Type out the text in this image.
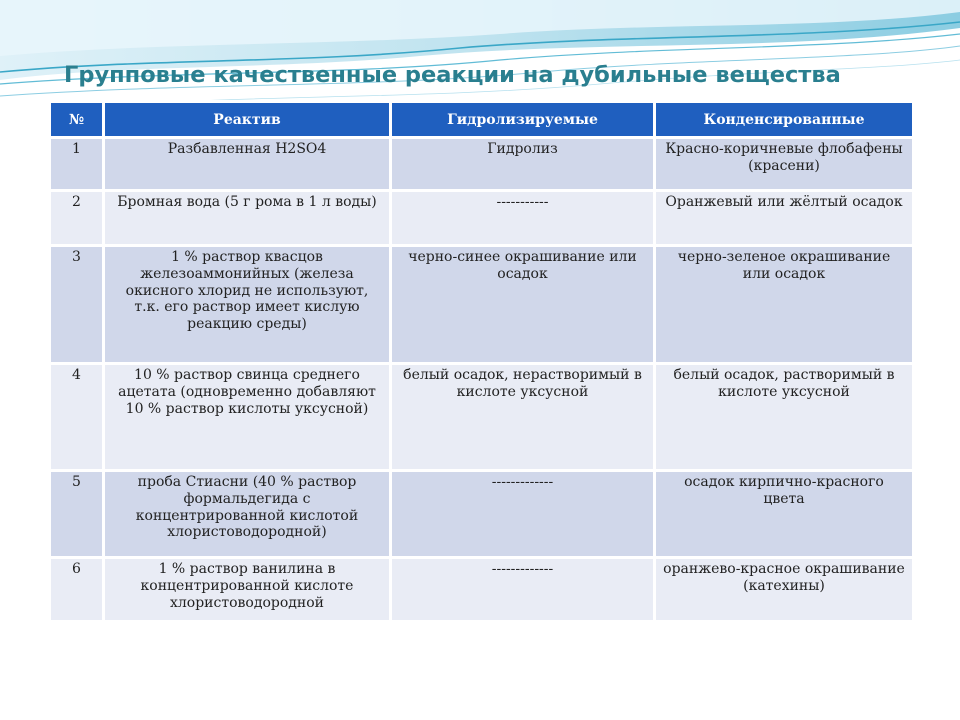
Групповые качественные реакции на дубильные вещества
№	Реактив	Гидролизируемые	Конденсированные
1	Разбавленная H2SO4	Гидролиз	Красно-коричневые флобафены (красени)
2	Бромная вода (5 г рома в 1 л воды)	-----------	Оранжевый или жёлтый осадок
3	1 % раствор квасцов железоаммонийных (железа окисного хлорид не используют, т.к. его раствор имеет кислую реакцию среды)	черно-синее окрашивание или осадок	черно-зеленое окрашивание или осадок
4	10 % раствор свинца среднего ацетата (одновременно добавляют 10 % раствор кислоты уксусной)	белый осадок, нерастворимый в кислоте уксусной	белый осадок, растворимый в кислоте уксусной
5	проба Стиасни (40 % раствор формальдегида с концентрированной кислотой хлористоводородной)	-------------	осадок кирпично-красного цвета
6	1 % раствор ванилина в концентрированной кислоте хлористоводородной	-------------	оранжево-красное окрашивание (катехины)
